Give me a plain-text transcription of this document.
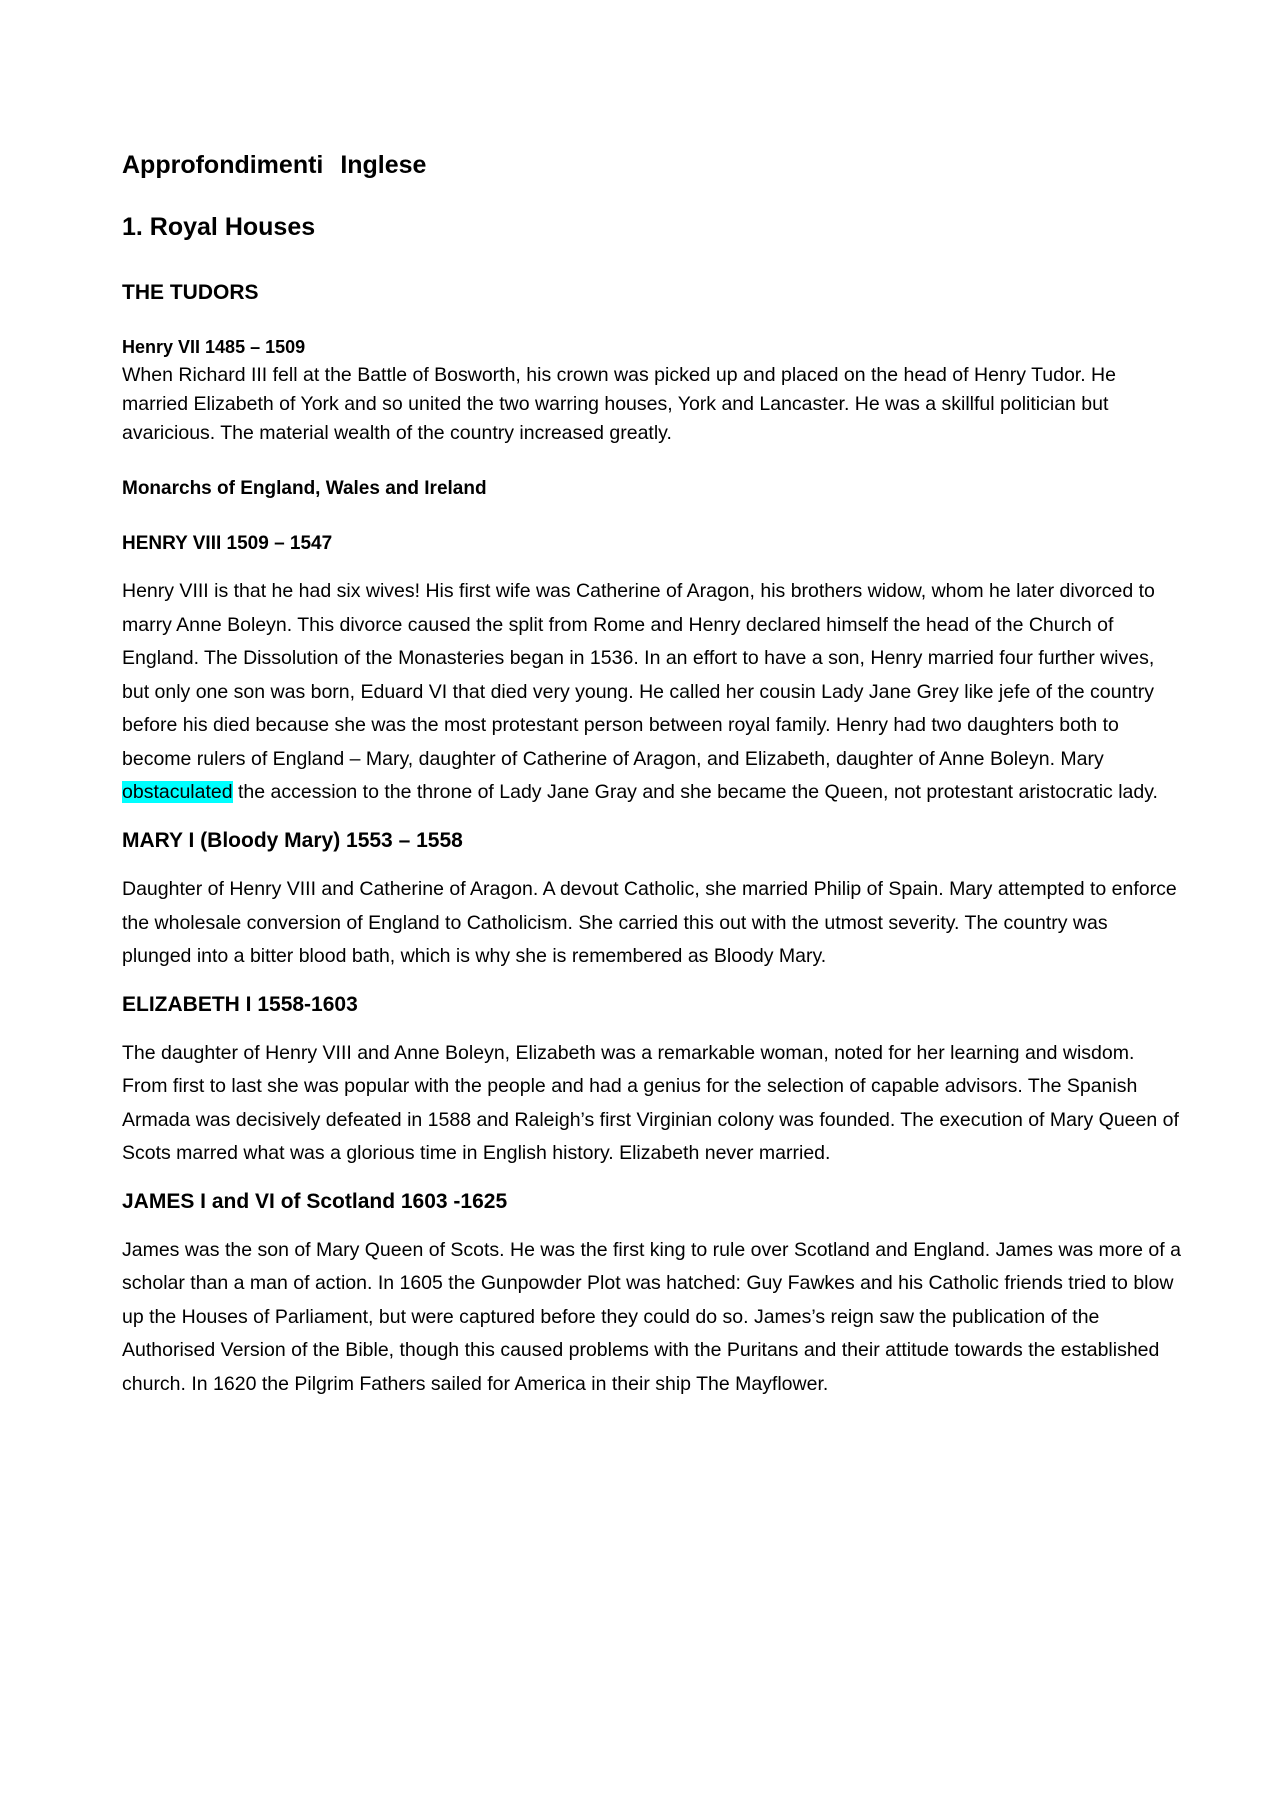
Approfondimenti Inglese
1. Royal Houses
THE TUDORS
Henry VII 1485 – 1509

When Richard III fell at the Battle of Bosworth, his crown was picked up and placed on the head of Henry Tudor. He married Elizabeth of York and so united the two warring houses, York and Lancaster. He was a skillful politician but avaricious. The material wealth of the country increased greatly.

Monarchs of England, Wales and Ireland
HENRY VIII 1509 – 1547

Henry VIII is that he had six wives! His first wife was Catherine of Aragon, his brothers widow, whom he later divorced to marry Anne Boleyn. This divorce caused the split from Rome and Henry declared himself the head of the Church of England. The Dissolution of the Monasteries began in 1536. In an effort to have a son, Henry married four further wives, but only one son was born, Eduard VI that died very young. He called her cousin Lady Jane Grey like jefe of the country before his died because she was the most protestant person between royal family. Henry had two daughters both to become rulers of England – Mary, daughter of Catherine of Aragon, and Elizabeth, daughter of Anne Boleyn. Mary obstaculated the accession to the throne of Lady Jane Gray and she became the Queen, not protestant aristocratic lady.

MARY I (Bloody Mary) 1553 – 1558

Daughter of Henry VIII and Catherine of Aragon. A devout Catholic, she married Philip of Spain. Mary attempted to enforce the wholesale conversion of England to Catholicism. She carried this out with the utmost severity. The country was plunged into a bitter blood bath, which is why she is remembered as Bloody Mary.

ELIZABETH I 1558-1603

The daughter of Henry VIII and Anne Boleyn, Elizabeth was a remarkable woman, noted for her learning and wisdom. From first to last she was popular with the people and had a genius for the selection of capable advisors. The Spanish Armada was decisively defeated in 1588 and Raleigh’s first Virginian colony was founded. The execution of Mary Queen of Scots marred what was a glorious time in English history. Elizabeth never married.

JAMES I and VI of Scotland 1603 -1625

James was the son of Mary Queen of Scots. He was the first king to rule over Scotland and England. James was more of a scholar than a man of action. In 1605 the Gunpowder Plot was hatched: Guy Fawkes and his Catholic friends tried to blow up the Houses of Parliament, but were captured before they could do so. James’s reign saw the publication of the Authorised Version of the Bible, though this caused problems with the Puritans and their attitude towards the established church. In 1620 the Pilgrim Fathers sailed for America in their ship The Mayflower.
